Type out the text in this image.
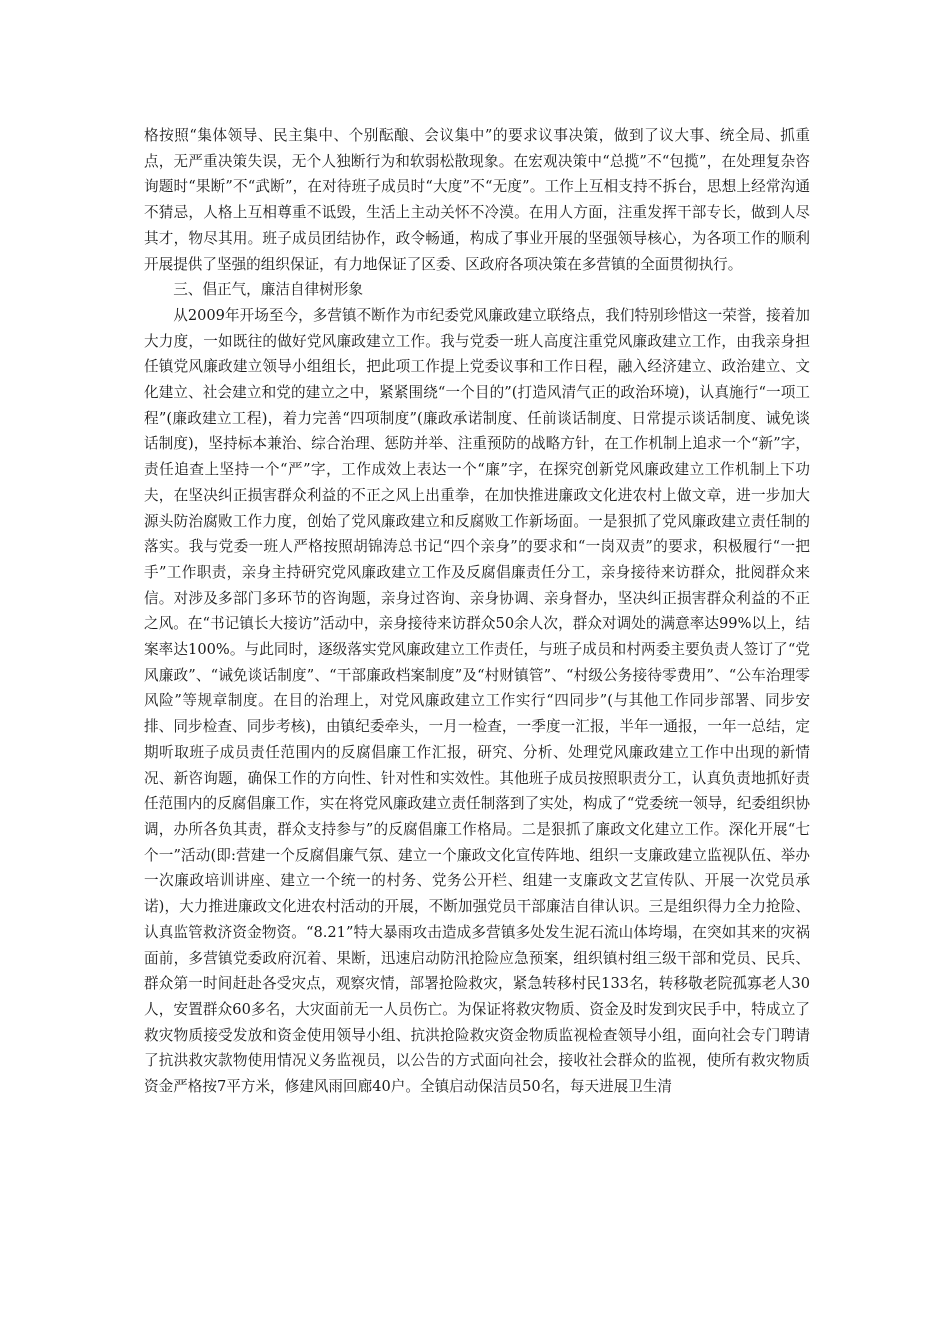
格按照“集体领导、民主集中、个别酝酿、会议集中”的要求议事决策，做到了议大事、统全局、抓重点，无严重决策失误，无个人独断行为和软弱松散现象。在宏观决策中“总揽”不“包揽”，在处理复杂咨询题时“果断”不“武断”，在对待班子成员时“大度”不“无度”。工作上互相支持不拆台，思想上经常沟通不猜忌，人格上互相尊重不诋毁，生活上主动关怀不冷漠。在用人方面，注重发挥干部专长，做到人尽其才，物尽其用。班子成员团结协作，政令畅通，构成了事业开展的坚强领导核心，为各项工作的顺利开展提供了坚强的组织保证，有力地保证了区委、区政府各项决策在多营镇的全面贯彻执行。

三、倡正气，廉洁自律树形象

从2009年开场至今，多营镇不断作为市纪委党风廉政建立联络点，我们特别珍惜这一荣誉，接着加大力度，一如既往的做好党风廉政建立工作。我与党委一班人高度注重党风廉政建立工作，由我亲身担任镇党风廉政建立领导小组组长，把此项工作提上党委议事和工作日程，融入经济建立、政治建立、文化建立、社会建立和党的建立之中，紧紧围绕“一个目的”(打造风清气正的政治环境)，认真施行“一项工程”(廉政建立工程)，着力完善“四项制度”(廉政承诺制度、任前谈话制度、日常提示谈话制度、诫免谈话制度)，坚持标本兼治、综合治理、惩防并举、注重预防的战略方针，在工作机制上追求一个“新”字，责任追查上坚持一个“严”字，工作成效上表达一个“廉”字，在探究创新党风廉政建立工作机制上下功夫，在坚决纠正损害群众利益的不正之风上出重拳，在加快推进廉政文化进农村上做文章，进一步加大源头防治腐败工作力度，创始了党风廉政建立和反腐败工作新场面。一是狠抓了党风廉政建立责任制的落实。我与党委一班人严格按照胡锦涛总书记“四个亲身”的要求和“一岗双责”的要求，积极履行“一把手”工作职责，亲身主持研究党风廉政建立工作及反腐倡廉责任分工，亲身接待来访群众，批阅群众来信。对涉及多部门多环节的咨询题，亲身过咨询、亲身协调、亲身督办，坚决纠正损害群众利益的不正之风。在“书记镇长大接访”活动中，亲身接待来访群众50余人次，群众对调处的满意率达99%以上，结案率达100%。与此同时，逐级落实党风廉政建立工作责任，与班子成员和村两委主要负责人签订了“党风廉政”、“诫免谈话制度”、“干部廉政档案制度”及“村财镇管”、“村级公务接待零费用”、“公车治理零风险”等规章制度。在目的治理上，对党风廉政建立工作实行“四同步”(与其他工作同步部署、同步安排、同步检查、同步考核)，由镇纪委牵头，一月一检查，一季度一汇报，半年一通报，一年一总结，定期听取班子成员责任范围内的反腐倡廉工作汇报，研究、分析、处理党风廉政建立工作中出现的新情况、新咨询题，确保工作的方向性、针对性和实效性。其他班子成员按照职责分工，认真负责地抓好责任范围内的反腐倡廉工作，实在将党风廉政建立责任制落到了实处，构成了“党委统一领导，纪委组织协调，办所各负其责，群众支持参与”的反腐倡廉工作格局。二是狠抓了廉政文化建立工作。深化开展“七个一”活动(即:营建一个反腐倡廉气氛、建立一个廉政文化宣传阵地、组织一支廉政建立监视队伍、举办一次廉政培训讲座、建立一个统一的村务、党务公开栏、组建一支廉政文艺宣传队、开展一次党员承诺)，大力推进廉政文化进农村活动的开展，不断加强党员干部廉洁自律认识。三是组织得力全力抢险、认真监管救济资金物资。“8.21”特大暴雨攻击造成多营镇多处发生泥石流山体垮塌，在突如其来的灾祸面前，多营镇党委政府沉着、果断，迅速启动防汛抢险应急预案，组织镇村组三级干部和党员、民兵、群众第一时间赶赴各受灾点，观察灾情，部署抢险救灾，紧急转移村民133名，转移敬老院孤寡老人30人，安置群众60多名，大灾面前无一人员伤亡。为保证将救灾物质、资金及时发到灾民手中，特成立了救灾物质接受发放和资金使用领导小组、抗洪抢险救灾资金物质监视检查领导小组，面向社会专门聘请了抗洪救灾款物使用情况义务监视员，以公告的方式面向社会，接收社会群众的监视，使所有救灾物质资金严格按7平方米，修建风雨回廊40户。全镇启动保洁员50名，每天进展卫生清
